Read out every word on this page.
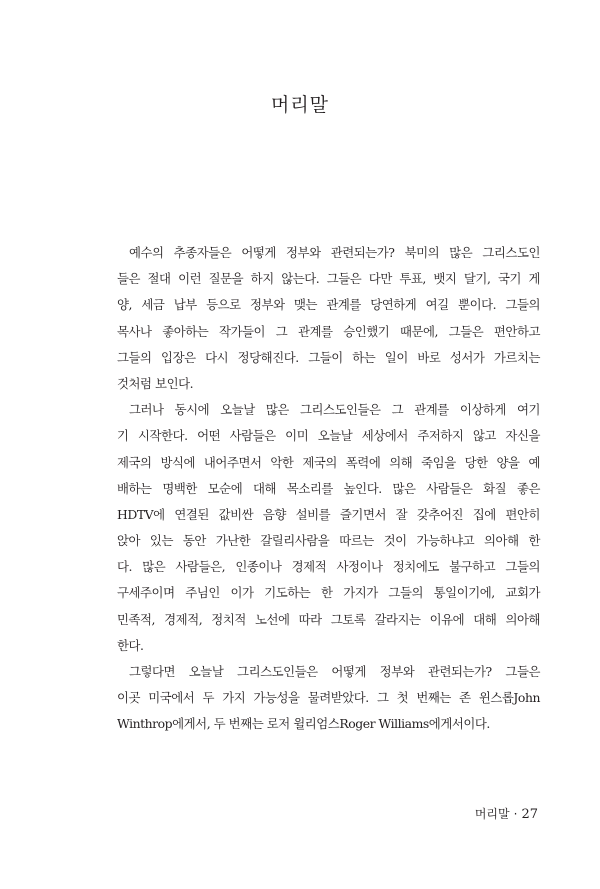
머리말
예수의 추종자들은 어떻게 정부와 관련되는가? 북미의 많은 그리스도인
들은 절대 이런 질문을 하지 않는다. 그들은 다만 투표, 뱃지 달기, 국기 게
양, 세금 납부 등으로 정부와 맺는 관계를 당연하게 여길 뿐이다. 그들의
목사나 좋아하는 작가들이 그 관계를 승인했기 때문에, 그들은 편안하고
그들의 입장은 다시 정당해진다. 그들이 하는 일이 바로 성서가 가르치는
것처럼 보인다.
그러나 동시에 오늘날 많은 그리스도인들은 그 관계를 이상하게 여기
기 시작한다. 어떤 사람들은 이미 오늘날 세상에서 주저하지 않고 자신을
제국의 방식에 내어주면서 악한 제국의 폭력에 의해 죽임을 당한 양을 예
배하는 명백한 모순에 대해 목소리를 높인다. 많은 사람들은 화질 좋은
HDTV에 연결된 값비싼 음향 설비를 즐기면서 잘 갖추어진 집에 편안히
앉아 있는 동안 가난한 갈릴리사람을 따르는 것이 가능하냐고 의아해 한
다. 많은 사람들은, 인종이나 경제적 사정이나 정치에도 불구하고 그들의
구세주이며 주님인 이가 기도하는 한 가지가 그들의 통일이기에, 교회가
민족적, 경제적, 정치적 노선에 따라 그토록 갈라지는 이유에 대해 의아해
한다.
그렇다면 오늘날 그리스도인들은 어떻게 정부와 관련되는가? 그들은
이곳 미국에서 두 가지 가능성을 물려받았다. 그 첫 번째는 존 윈스롭John
Winthrop에게서, 두 번째는 로저 윌리엄스Roger Williams에게서이다.
머리말 · 27
